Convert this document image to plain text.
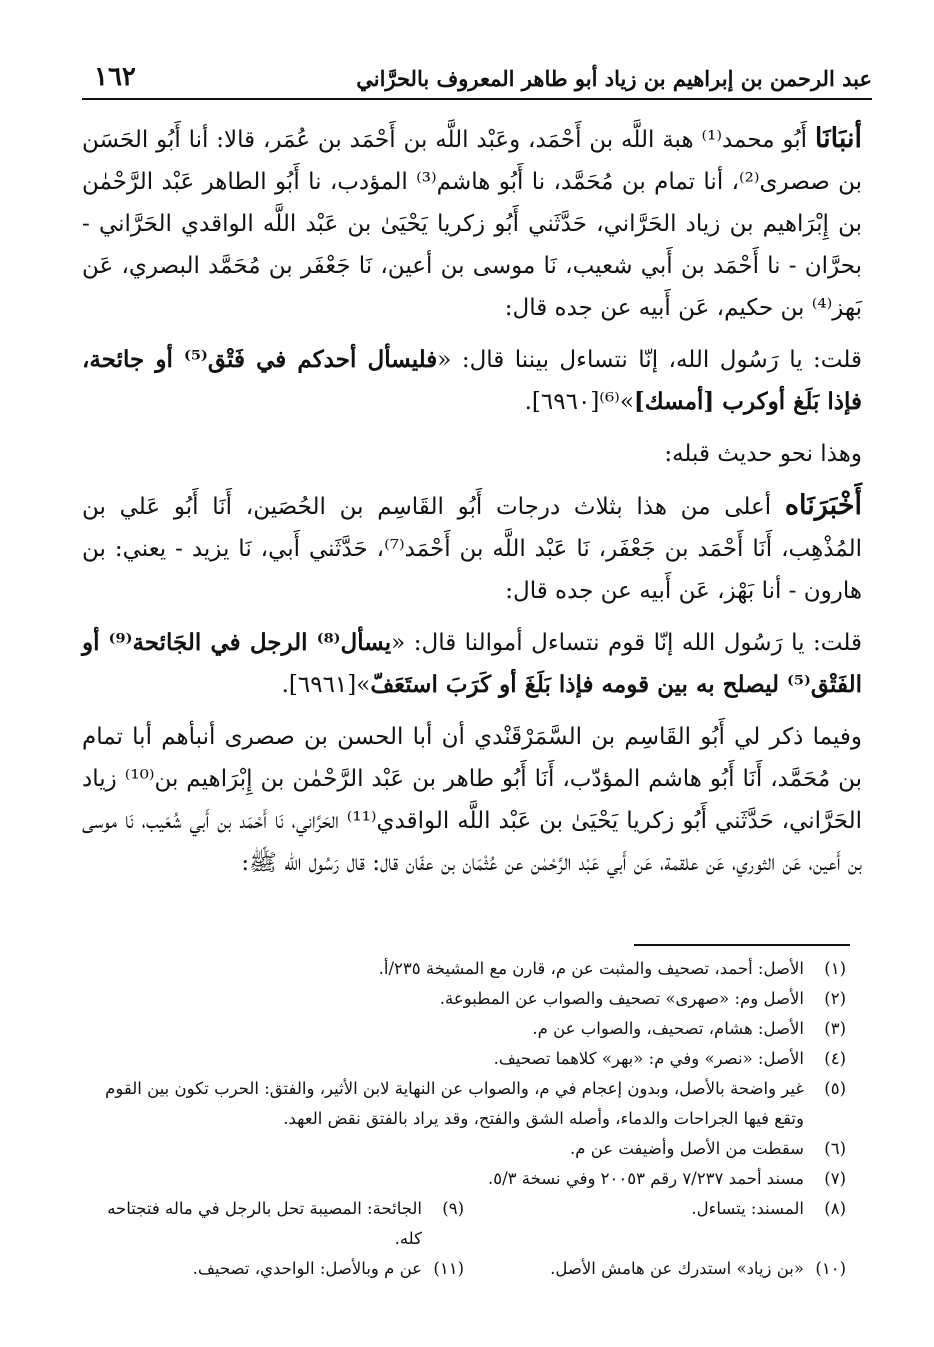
١٦٢	عبد الرحمن بن إبراهيم بن زياد أبو طاهر المعروف بالحرَّاني

أنبَانَا أَبُو محمد⁽¹⁾ هبة اللَّه بن أَحْمَد، وعَبْد اللَّه بن أَحْمَد بن عُمَر، قالا: أنا أَبُو الحَسَن بن صصرى⁽²⁾، أنا تمام بن مُحَمَّد، نا أَبُو هاشم⁽³⁾ المؤدب، نا أَبُو الطاهر عَبْد الرَّحْمٰن بن إِبْرَاهيم بن زياد الحَرَّاني، حَدَّثَني أَبُو زكريا يَحْيَىٰ بن عَبْد اللَّه الواقدي الحَرَّاني - بحرَّان - نا أَحْمَد بن أَبي شعيب، نَا موسى بن أعين، نَا جَعْفَر بن مُحَمَّد البصري، عَن بَهز⁽⁴⁾ بن حكيم، عَن أَبيه عن جده قال:

قلت: يا رَسُول الله، إنّا نتساءل بيننا قال: «فليسأل أحدكم في فَتْق⁽⁵⁾ أو جائحة، فإذا بَلَغ أوكرب [أمسك]»⁽⁶⁾[٦٩٦٠].

وهذا نحو حديث قبله:

أَخْبَرَنَاه أعلى من هذا بثلاث درجات أَبُو القَاسِم بن الحُصَين، أَنَا أَبُو عَلي بن المُذْهِب، أَنَا أَحْمَد بن جَعْفَر، نَا عَبْد اللَّه بن أَحْمَد⁽⁷⁾، حَدَّثَني أَبي، نَا يزيد - يعني: بن هارون - أنا بَهْز، عَن أَبيه عن جده قال:

قلت: يا رَسُول الله إنّا قوم نتساءل أموالنا قال: «يسأل⁽⁸⁾ الرجل في الجَائحة⁽⁹⁾ أو الفَتْق⁽⁵⁾ ليصلح به بين قومه فإذا بَلَغَ أو كَرَبَ استَعَفّ»[٦٩٦١].

وفيما ذكر لي أَبُو القَاسِم بن السَّمَرْقَنْدي أن أبا الحسن بن صصرى أنبأهم أبا تمام بن مُحَمَّد، أَنَا أَبُو هاشم المؤدّب، أَنَا أَبُو طاهر بن عَبْد الرَّحْمٰن بن إِبْرَاهيم بن⁽¹⁰⁾ زياد الحَرَّاني، حَدَّثَني أَبُو زكريا يَحْيَىٰ بن عَبْد اللَّه الواقدي⁽¹¹⁾ الحَرَّاني، نَا أَحْمَد بن أَبي شُعَيب، نَا موسى بن أَعين، عَن الثوري، عَن علقمة، عَن أَبي عَبْد الرَّحْمٰن عن عُثْمَان بن عفّان قال: قال رَسُول الله ﷺ:

(١)
الأصل: أحمد، تصحيف والمثبت عن م، قارن مع المشيخة ٢٣٥/أ.
(٢)
الأصل وم: «صهرى» تصحيف والصواب عن المطبوعة.
(٣)
الأصل: هشام، تصحيف، والصواب عن م.
(٤)
الأصل: «نصر» وفي م: «بهر» كلاهما تصحيف.
(٥)
غير واضحة بالأصل، وبدون إعجام في م، والصواب عن النهاية لابن الأثير، والفتق: الحرب تكون بين القوم وتقع فيها الجراحات والدماء، وأصله الشق والفتح، وقد يراد بالفتق نقض العهد.
(٦)
سقطت من الأصل وأضيفت عن م.
(٧)
مسند أحمد ٧/٢٣٧ رقم ٢٠٠٥٣ وفي نسخة ٥/٣.
(٨)
المسند: يتساءل.
(٩)
الجائحة: المصيبة تحل بالرجل في ماله فتجتاحه كله.
(١٠)
«بن زياد» استدرك عن هامش الأصل.
(١١)
عن م وبالأصل: الواحدي، تصحيف.
